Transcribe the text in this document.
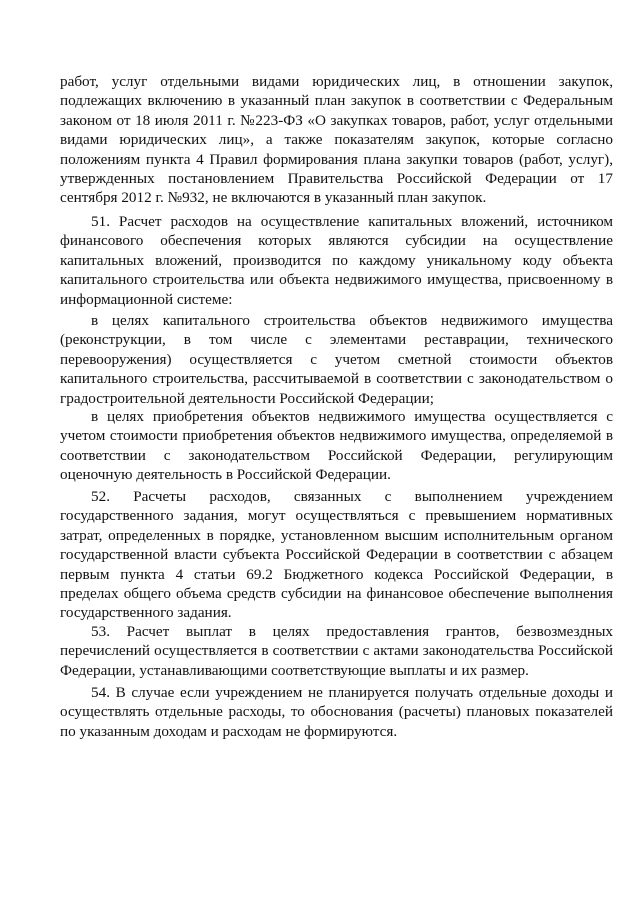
работ, услуг отдельными видами юридических лиц, в отношении закупок,
подлежащих включению в указанный план закупок в соответствии с Федеральным
законом от 18 июля 2011 г. №223-ФЗ «О закупках товаров, работ, услуг отдельными
видами юридических лиц», а также показателям закупок, которые согласно
положениям пункта 4 Правил формирования плана закупки товаров (работ, услуг),
утвержденных постановлением Правительства Российской Федерации от 17
сентября 2012 г. №932, не включаются в указанный план закупок.
51. Расчет расходов на осуществление капитальных вложений, источником
финансового обеспечения которых являются субсидии на осуществление
капитальных вложений, производится по каждому уникальному коду объекта
капитального строительства или объекта недвижимого имущества, присвоенному в
информационной системе:
в целях капитального строительства объектов недвижимого имущества
(реконструкции, в том числе с элементами реставрации, технического
перевооружения) осуществляется с учетом сметной стоимости объектов
капитального строительства, рассчитываемой в соответствии с законодательством о
градостроительной деятельности Российской Федерации;
в целях приобретения объектов недвижимого имущества осуществляется с
учетом стоимости приобретения объектов недвижимого имущества, определяемой в
соответствии с законодательством Российской Федерации, регулирующим
оценочную деятельность в Российской Федерации.
52. Расчеты расходов, связанных с выполнением учреждением
государственного задания, могут осуществляться с превышением нормативных
затрат, определенных в порядке, установленном высшим исполнительным органом
государственной власти субъекта Российской Федерации в соответствии с абзацем
первым пункта 4 статьи 69.2 Бюджетного кодекса Российской Федерации, в
пределах общего объема средств субсидии на финансовое обеспечение выполнения
государственного задания.
53. Расчет выплат в целях предоставления грантов, безвозмездных
перечислений осуществляется в соответствии с актами законодательства Российской
Федерации, устанавливающими соответствующие выплаты и их размер.
54. В случае если учреждением не планируется получать отдельные доходы и
осуществлять отдельные расходы, то обоснования (расчеты) плановых показателей
по указанным доходам и расходам не формируются.
